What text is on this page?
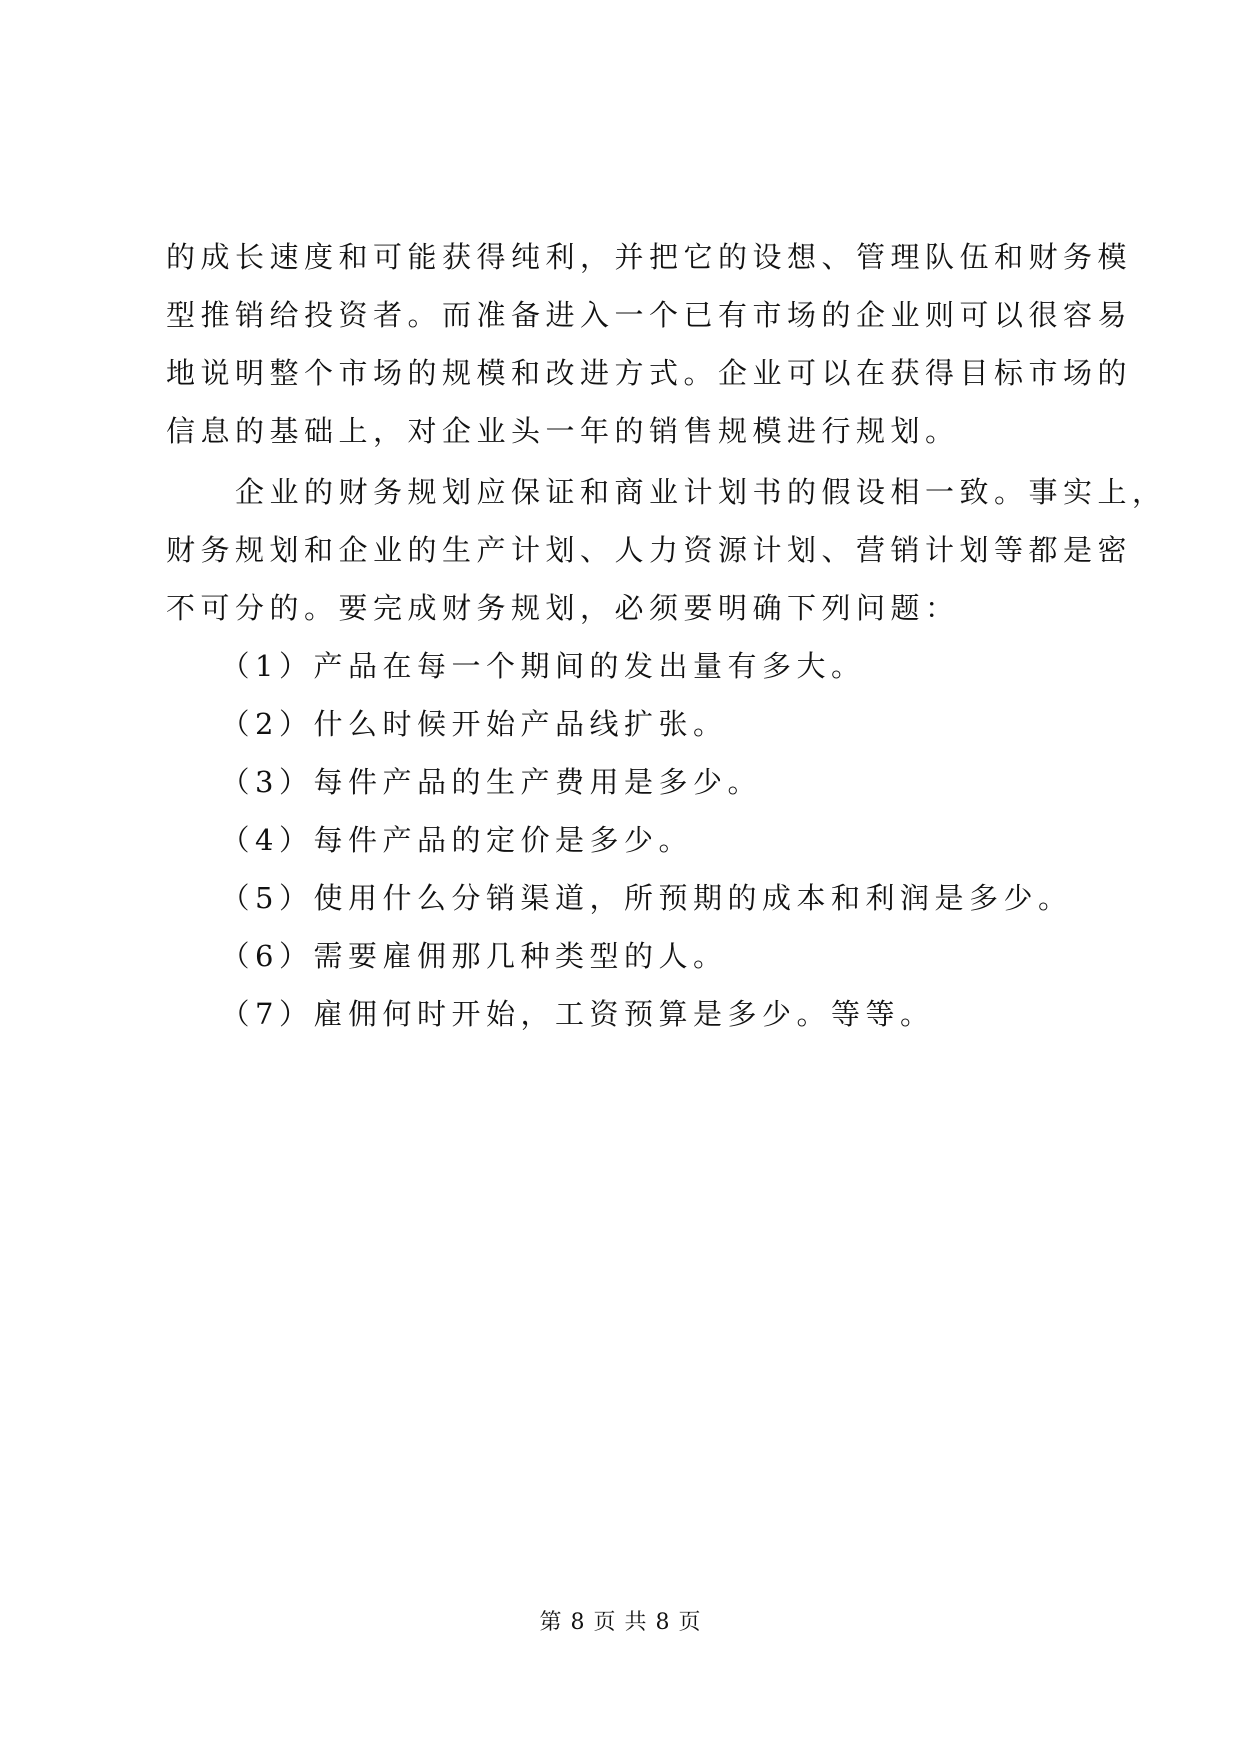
的成长速度和可能获得纯利，并把它的设想、管理队伍和财务模
型推销给投资者。而准备进入一个已有市场的企业则可以很容易
地说明整个市场的规模和改进方式。企业可以在获得目标市场的
信息的基础上，对企业头一年的销售规模进行规划。
　　企业的财务规划应保证和商业计划书的假设相一致。事实上，
财务规划和企业的生产计划、人力资源计划、营销计划等都是密
不可分的。要完成财务规划，必须要明确下列问题：
　　（1）产品在每一个期间的发出量有多大。
　　（2）什么时候开始产品线扩张。
　　（3）每件产品的生产费用是多少。
　　（4）每件产品的定价是多少。
　　（5）使用什么分销渠道，所预期的成本和利润是多少。
　　（6）需要雇佣那几种类型的人。
　　（7）雇佣何时开始，工资预算是多少。等等。
第 8 页 共 8 页
